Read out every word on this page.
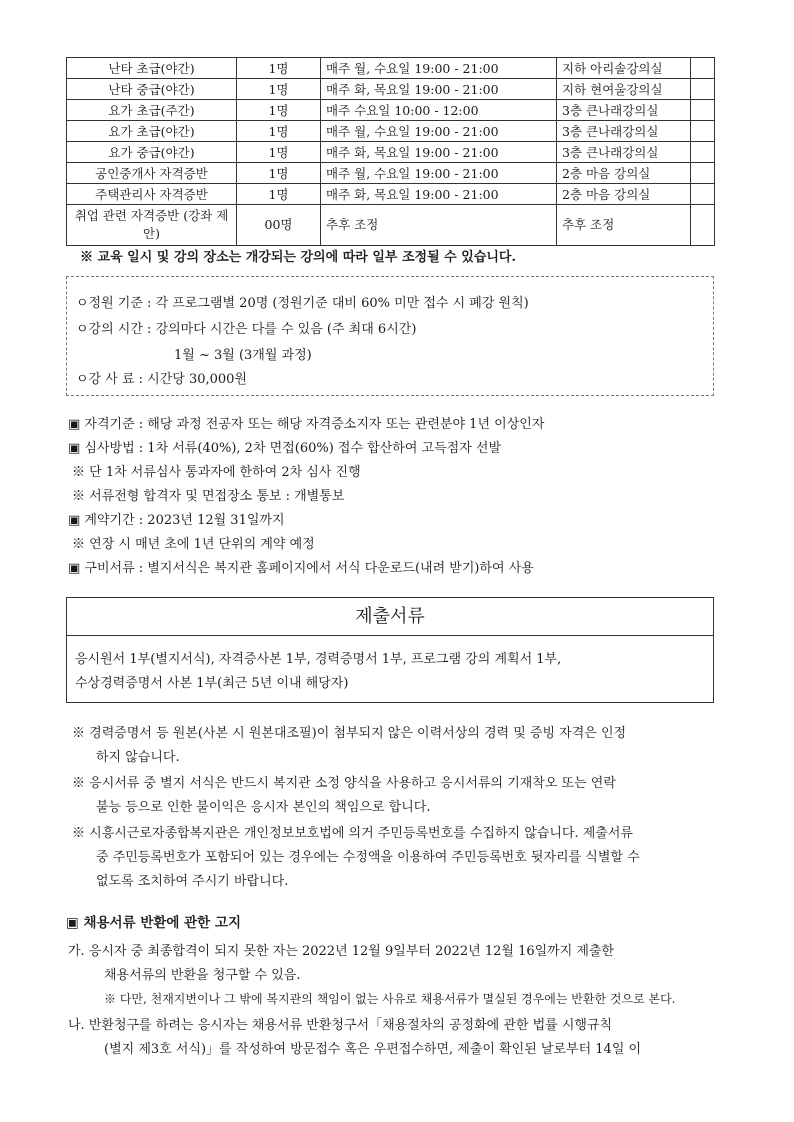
난타 초급(야간)	1명	매주 월, 수요일 19:00 - 21:00	지하 아리솔강의실	
난타 중급(야간)	1명	매주 화, 목요일 19:00 - 21:00	지하 현여울강의실	
요가 초급(주간)	1명	매주 수요일 10:00 - 12:00	3층 큰나래강의실	
요가 초급(야간)	1명	매주 월, 수요일 19:00 - 21:00	3층 큰나래강의실	
요가 중급(야간)	1명	매주 화, 목요일 19:00 - 21:00	3층 큰나래강의실	
공인중개사 자격증반	1명	매주 월, 수요일 19:00 - 21:00	2층 마음 강의실	
주택관리사 자격증반	1명	매주 화, 목요일 19:00 - 21:00	2층 마음 강의실	
취업 관련 자격증반 (강좌 제안)	00명	추후 조정	추후 조정	
※ 교육 일시 및 강의 장소는 개강되는 강의에 따라 일부 조정될 수 있습니다.
ㅇ정원 기준 : 각 프로그램별 20명 (정원기준 대비 60% 미만 접수 시 폐강 원칙)
ㅇ강의 시간 : 강의마다 시간은 다를 수 있음 (주 최대 6시간)
1월 ~ 3월 (3개월 과정)
ㅇ강 사 료 : 시간당 30,000원
▣ 자격기준 : 해당 과정 전공자 또는 해당 자격증소지자 또는 관련분야 1년 이상인자
▣ 심사방법 : 1차 서류(40%), 2차 면접(60%) 접수 합산하여 고득점자 선발
※ 단 1차 서류심사 통과자에 한하여 2차 심사 진행
※ 서류전형 합격자 및 면접장소 통보 : 개별통보
▣ 계약기간 : 2023년 12월 31일까지
※ 연장 시 매년 초에 1년 단위의 계약 예정
▣ 구비서류 : 별지서식은 복지관 홈페이지에서 서식 다운로드(내려 받기)하여 사용
제출서류
응시원서 1부(별지서식), 자격증사본 1부, 경력증명서 1부, 프로그램 강의 계획서 1부,
수상경력증명서 사본 1부(최근 5년 이내 해당자)
※ 경력증명서 등 원본(사본 시 원본대조필)이 첨부되지 않은 이력서상의 경력 및 증빙 자격은 인정
하지 않습니다.
※ 응시서류 중 별지 서식은 반드시 복지관 소정 양식을 사용하고 응시서류의 기재착오 또는 연락
불능 등으로 인한 불이익은 응시자 본인의 책임으로 합니다.
※ 시흥시근로자종합복지관은 개인정보보호법에 의거 주민등록번호를 수집하지 않습니다. 제출서류
중 주민등록번호가 포함되어 있는 경우에는 수정액을 이용하여 주민등록번호 뒷자리를 식별할 수
없도록 조치하여 주시기 바랍니다.
▣ 채용서류 반환에 관한 고지
가. 응시자 중 최종합격이 되지 못한 자는 2022년 12월 9일부터 2022년 12월 16일까지 제출한
채용서류의 반환을 청구할 수 있음.
※ 다만, 천재지변이나 그 밖에 복지관의 책임이 없는 사유로 채용서류가 멸실된 경우에는 반환한 것으로 본다.
나. 반환청구를 하려는 응시자는 채용서류 반환청구서「채용절차의 공정화에 관한 법률 시행규칙
(별지 제3호 서식)」를 작성하여 방문접수 혹은 우편접수하면, 제출이 확인된 날로부터 14일 이
